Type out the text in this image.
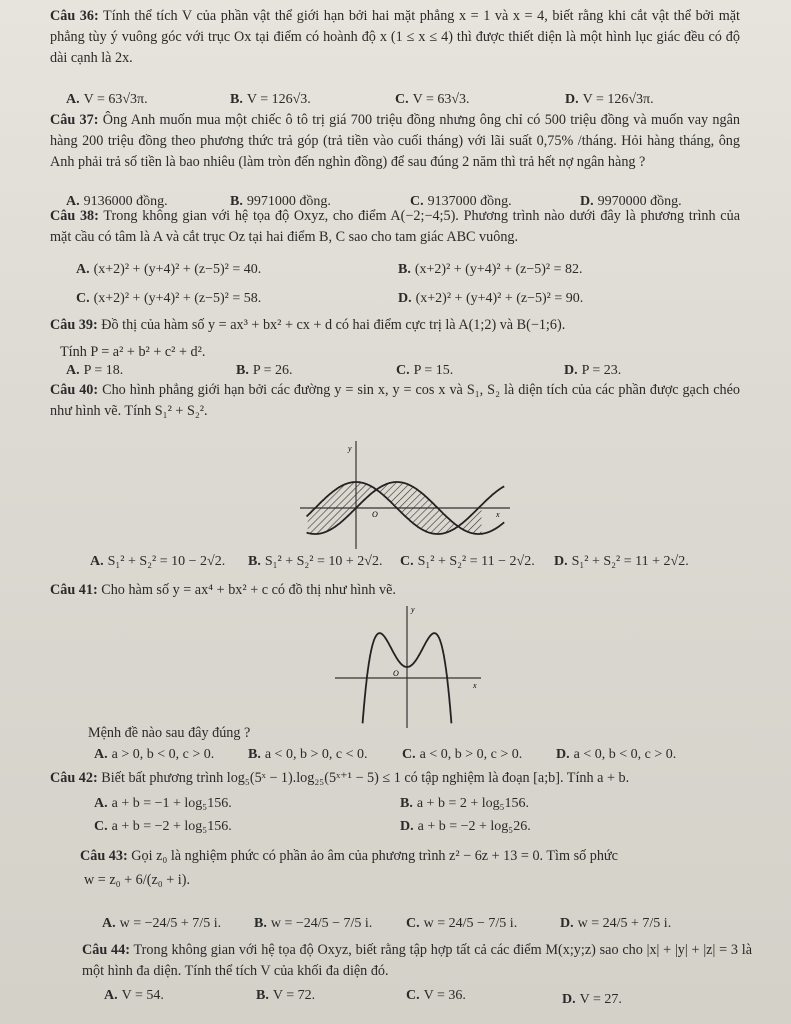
Câu 36: Tính thể tích V của phần vật thể giới hạn bởi hai mặt phẳng x = 1 và x = 4, biết rằng khi cắt vật thể bởi mặt phẳng tùy ý vuông góc với trục Ox tại điểm có hoành độ x (1 ≤ x ≤ 4) thì được thiết diện là một hình lục giác đều có độ dài cạnh là 2x.
A. V = 63√3π.	B. V = 126√3.	C. V = 63√3.	D. V = 126√3π.
Câu 37: Ông Anh muốn mua một chiếc ô tô trị giá 700 triệu đồng nhưng ông chỉ có 500 triệu đồng và muốn vay ngân hàng 200 triệu đồng theo phương thức trả góp (trả tiền vào cuối tháng) với lãi suất 0,75% /tháng. Hỏi hàng tháng, ông Anh phải trả số tiền là bao nhiêu (làm tròn đến nghìn đồng) để sau đúng 2 năm thì trả hết nợ ngân hàng ?
A. 9136000 đồng.	B. 9971000 đồng.	C. 9137000 đồng.	D. 9970000 đồng.
Câu 38: Trong không gian với hệ tọa độ Oxyz, cho điểm A(−2;−4;5). Phương trình nào dưới đây là phương trình của mặt cầu có tâm là A và cắt trục Oz tại hai điểm B, C sao cho tam giác ABC vuông.
A. (x+2)² + (y+4)² + (z−5)² = 40.	B. (x+2)² + (y+4)² + (z−5)² = 82.
C. (x+2)² + (y+4)² + (z−5)² = 58.	D. (x+2)² + (y+4)² + (z−5)² = 90.
Câu 39: Đồ thị của hàm số y = ax³ + bx² + cx + d có hai điểm cực trị là A(1;2) và B(−1;6).
Tính P = a² + b² + c² + d².
A. P = 18.	B. P = 26.	C. P = 15.	D. P = 23.
Câu 40: Cho hình phẳng giới hạn bởi các đường y = sin x, y = cos x và S₁, S₂ là diện tích của các phần được gạch chéo như hình vẽ. Tính S₁² + S₂².
y
O	x
A. S₁² + S₂² = 10 − 2√2. B. S₁² + S₂² = 10 + 2√2. C. S₁² + S₂² = 11 − 2√2. D. S₁² + S₂² = 11 + 2√2.
Câu 41: Cho hàm số y = ax⁴ + bx² + c có đồ thị như hình vẽ.
y
O
x
Mệnh đề nào sau đây đúng ?
A. a > 0, b < 0, c > 0. B. a < 0, b > 0, c < 0. C. a < 0, b > 0, c > 0. D. a < 0, b < 0, c > 0.
Câu 42: Biết bất phương trình log₅(5ˣ − 1).log₂₅(5ˣ⁺¹ − 5) ≤ 1 có tập nghiệm là đoạn [a;b]. Tính a + b.
A. a + b = −1 + log₅156.	B. a + b = 2 + log₅156.
C. a + b = −2 + log₅156.	D. a + b = −2 + log₅26.
Câu 43: Gọi z₀ là nghiệm phức có phần ảo âm của phương trình z² − 6z + 13 = 0. Tìm số phức
w = z₀ + 6/(z₀ + i).
A. w = −24/5 + 7/5 i. B. w = −24/5 − 7/5 i. C. w = 24/5 − 7/5 i.	D. w = 24/5 + 7/5 i.
Câu 44: Trong không gian với hệ tọa độ Oxyz, biết rằng tập hợp tất cả các điểm M(x;y;z) sao cho |x| + |y| + |z| = 3 là một hình đa diện. Tính thể tích V của khối đa diện đó.
A. V = 54.	B. V = 72.	C. V = 36.	D. V = 27.
